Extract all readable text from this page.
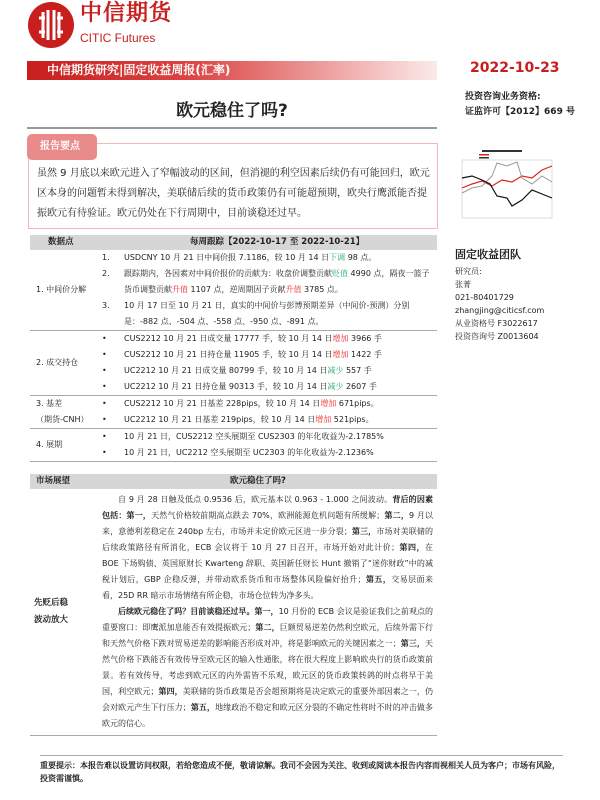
中信期货
CITIC Futures
中信期货研究|固定收益周报(汇率)	2022-10-23
投资咨询业务资格:
证监许可【2012】669 号
欧元稳住了吗?
报告要点
虽然 9 月底以来欧元进入了窄幅波动的区间，但消褪的利空因素后续仍有可能回归，欧元区本身的问题暂未得到解决，美联储后续的货币政策仍有可能超预期，欧央行鹰派能否提振欧元有待验证。欧元仍处在下行周期中，目前谈稳还过早。
数据点	每周跟踪【2022-10-17 至 2022-10-21】
1. 中间价分解
1.	USDCNY 10 月 21 日中间价报 7.1186，较 10 月 14 日下调 98 点。
2.	跟踪期内，各因素对中间价报价的贡献为：收盘价调整贡献贬值 4990 点，隔夜一篮子货币调整贡献升值 1107 点，逆周期因子贡献升值 3785 点。
3.	10 月 17 日至 10 月 21 日，真实的中间价与彭博预期差异（中间价-预测）分别是：-882 点、-504 点、-558 点、-950 点、-891 点。
2. 成交持仓
•	CUS2212 10 月 21 日成交量 17777 手，较 10 月 14 日增加 3966 手
•	CUS2212 10 月 21 日持仓量 11905 手，较 10 月 14 日增加 1422 手
•	UC2212 10 月 21 日成交量 80799 手，较 10 月 14 日减少 557 手
•	UC2212 10 月 21 日持仓量 90313 手，较 10 月 14 日减少 2607 手
3. 基差
（期货-CNH）
•	CUS2212 10 月 21 日基差 228pips，较 10 月 14 日增加 671pips。
•	UC2212 10 月 21 日基差 219pips，较 10 月 14 日增加 521pips。
4. 展期
•	10 月 21 日，CUS2212 空头展期至 CUS2303 的年化收益为-2.1785%
•	10 月 21 日，UC2212 空头展期至 UC2303 的年化收益为-2.1236%
市场展望	欧元稳住了吗?
先贬后稳波动放大

自 9 月 28 日触及低点 0.9536 后，欧元基本以 0.963 - 1.000 之间波动。背后的因素包括：第一，天然气价格较前期高点跌去 70%，欧洲能源危机问题有所缓解；第二，9 月以来，意德利差稳定在 240bp 左右，市场并未定价欧元区进一步分裂；第三，市场对美联储的后续政策路径有所消化，ECB 会议将于 10 月 27 日召开，市场开始对此计价；第四，在 BOE 下场购债、英国原财长 Kwarteng 辞职、英国新任财长 Hunt 撤销了“迷你财政”中的减税计划后，GBP 企稳反弹，并带动欧系货币和市场整体风险偏好抬升；第五，交易层面来看，25D RR 暗示市场情绪有所企稳，市场仓位转为净多头。

后续欧元稳住了吗？目前谈稳还过早。第一，10 月份的 ECB 会议是验证我们之前观点的重要窗口：即鹰派加息能否有效提振欧元；第二，巨额贸易逆差仍然利空欧元，后续外需下行和天然气价格下跌对贸易逆差的影响能否形成对冲，将是影响欧元的关键因素之一；第三，天然气价格下跌能否有效传导至欧元区的输入性通胀，将在很大程度上影响欧央行的货币政策前景。若有效传导，考虑到欧元区的内外需皆不乐观，欧元区的货币政策转鸽的时点将早于美国，利空欧元；第四，美联储的货币政策是否会超预期将是决定欧元的重要外部因素之一，仍会对欧元产生下行压力；第五，地缘政治不稳定和欧元区分裂的不确定性将时不时的冲击做多欧元的信心。

重要提示：本报告难以设置访问权限，若给您造成不便，敬请谅解。我司不会因为关注、收到或阅读本报告内容而视相关人员为客户；市场有风险，投资需谨慎。
固定收益团队
研究员:
张菁
021-80401729
zhangjing@citicsf.com
从业资格号 F3022617
投资咨询号 Z0013604
